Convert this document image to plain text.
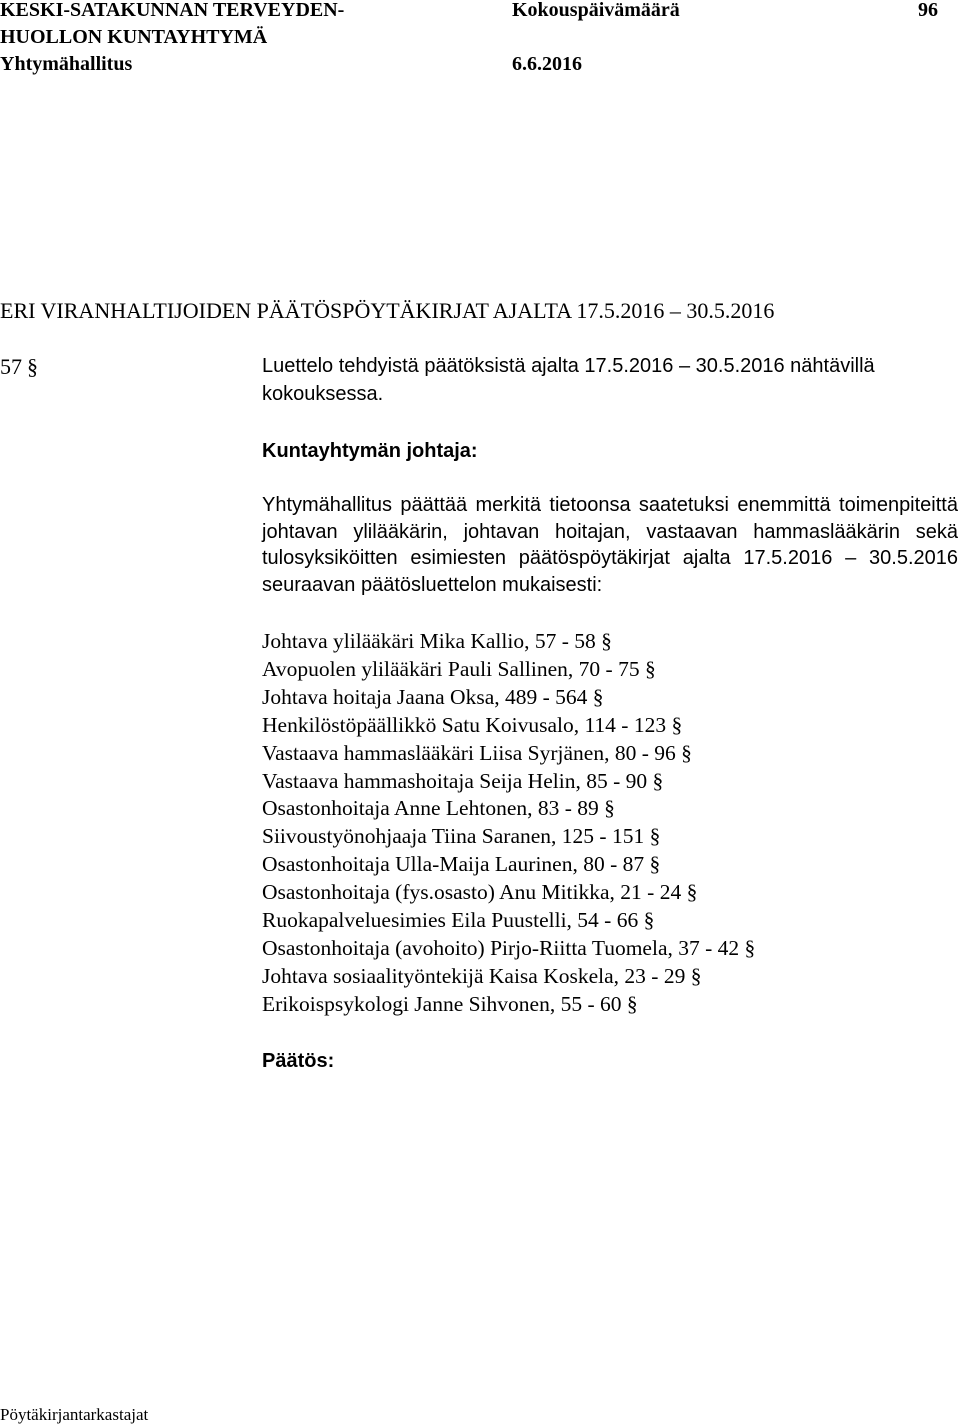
KESKI-SATAKUNNAN TERVEYDEN-
HUOLLON KUNTAYHTYMÄ
Yhtymähallitus
Kokouspäivämäärä
6.6.2016
96
ERI VIRANHALTIJOIDEN PÄÄTÖSPÖYTÄKIRJAT AJALTA 17.5.2016 – 30.5.2016
57 §	Luettelo tehdyistä päätöksistä ajalta 17.5.2016 – 30.5.2016 nähtävillä
kokouksessa.
Kuntayhtymän johtaja:

Yhtymähallitus päättää merkitä tietoonsa saatetuksi enemmittä toimenpiteittä johtavan ylilääkärin, johtavan hoitajan, vastaavan hammaslääkärin sekä tulosyksiköitten esimiesten päätöspöytäkirjat ajalta 17.5.2016 – 30.5.2016 seuraavan päätösluettelon mukaisesti:

Johtava ylilääkäri Mika Kallio, 57 - 58 §
Avopuolen ylilääkäri Pauli Sallinen, 70 - 75 §
Johtava hoitaja Jaana Oksa, 489 - 564 §
Henkilöstöpäällikkö Satu Koivusalo, 114 - 123 §
Vastaava hammaslääkäri Liisa Syrjänen, 80 - 96 §
Vastaava hammashoitaja Seija Helin, 85 - 90 §
Osastonhoitaja Anne Lehtonen, 83 - 89 §
Siivoustyönohjaaja Tiina Saranen, 125 - 151 §
Osastonhoitaja Ulla-Maija Laurinen, 80 - 87 §
Osastonhoitaja (fys.osasto) Anu Mitikka, 21 - 24 §
Ruokapalveluesimies Eila Puustelli, 54 - 66 §
Osastonhoitaja (avohoito) Pirjo-Riitta Tuomela, 37 - 42 §
Johtava sosiaalityöntekijä Kaisa Koskela, 23 - 29 §
Erikoispsykologi Janne Sihvonen, 55 - 60 §
Päätös:
Pöytäkirjantarkastajat
